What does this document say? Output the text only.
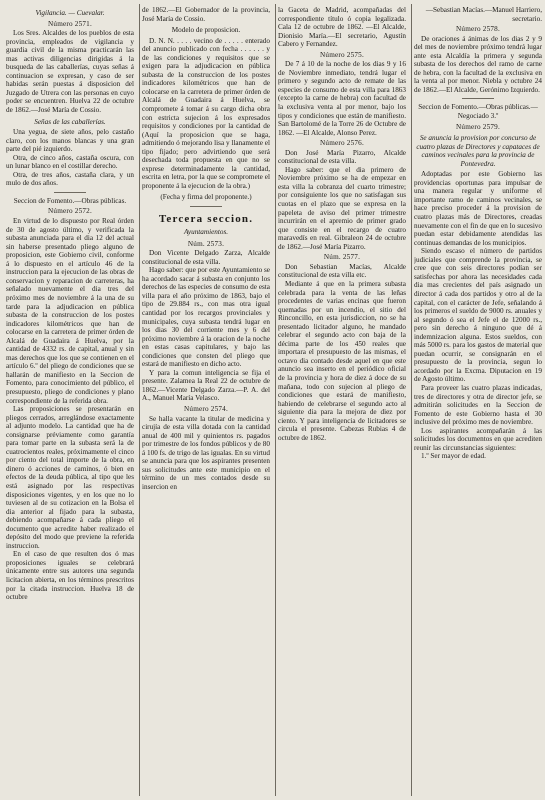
Vigilancia. — Cuevalar.
Número 2571.

Los Sres. Alcaldes de los pueblos de esta provincia, empleados de vigilancia y guardia civil de la misma practicarán las mas activas diligencias dirigidas á la busqueda de las caballerías, cuyas señas á continuacion se expresan, y caso de ser habidas serán puestas á disposicion del Juzgado de Utrera con las personas en cuyo poder se encuentren. Huelva 22 de octubre de 1862.—José María de Cossio.

Señas de las caballerías.

Una yegua, de siete años, pelo castaño claro, con los manos blancas y una gran parte del pié izquierdo.

Otra, de cinco años, castaña oscura, con un lunar blanco en el costillar derecho.

Otra, de tres años, castaña clara, y un mulo de dos años.

Seccion de Fomento.—Obras públicas.
Número 2572.

En virtud de lo dispuesto por Real órden de 30 de agosto último, y verificada la subasta anunciada para el dia 12 del actual sin haberse presentado pliego alguno de proposicion, este Gobierno civil, conforme á lo dispuesto en el artículo 46 de la instruccion para la ejecucion de las obras de conservacion y reparacion de carreteras, ha señalado nuevamente el dia tres del próximo mes de noviembre á la una de su tarde para la adjudicacion en pública subasta de la construccion de los postes indicadores kilométricos que han de colocarse en la carretera de primer órden de Alcalá de Guadaira á Huelva, por la cantidad de 4332 rs. de capital, anual y sin mas derechos que los que se contienen en el artículo 6.º del pliego de condiciones que se hallarán de manifiesto en la Seccion de Fomento, para conocimiento del público, el presupuesto, pliego de condiciones y plano correspondiente de la referida obra.

Las proposiciones se presentarán en pliegos cerrados, arreglándose exactamente al adjunto modelo. La cantidad que ha de consignarse préviamente como garantía para tomar parte en la subasta será la de cuatrocientos reales, próximamente el cinco por ciento del total importe de la obra, en dinero ó acciones de caminos, ó bien en efectos de la deuda pública, al tipo que les está asignado por las respectivas disposiciones vigentes, y en los que no lo tuviesen al de su cotizacion en la Bolsa el dia anterior al fijado para la subasta, debiendo acompañarse á cada pliego el documento que acredite haber realizado el depósito del modo que previene la referida instruccion.

En el caso de que resulten dos ó mas proposiciones iguales se celebrará únicamente entre sus autores una segunda licitacion abierta, en los términos prescritos por la citada instruccion. Huelva 18 de octubre

de 1862.—El Gobernador de la provincia, José María de Cossio.

Modelo de proposicion.

D. N. N. . . . . vecino de . . . . . enterado del anuncio publicado con fecha . . . . . . y de las condiciones y requisitos que se exigen para la adjudicacion en pública subasta de la construccion de los postes indicadores kilométricos que han de colocarse en la carretera de primer órden de Alcalá de Guadaira á Huelva, se compromete á tomar á su cargo dicha obra con estricta sujecion á los expresados requisitos y condiciones por la cantidad de (Aquí la proposicion que se haga, admitiendo ó mejorando lisa y llanamente el tipo fijado; pero advirtiendo que será desechada toda propuesta en que no se exprese determinadamente la cantidad, escrita en letra, por la que se compromete el proponente á la ejecucion de la obra.)

(Fecha y firma del proponente.)
Tercera seccion.
Ayuntamientos.
Núm. 2573.

Don Vicente Delgado Zarza, Alcalde constitucional de esta villa.

Hago saber: que por este Ayuntamiento se ha acordado sacar á subasta en conjunto los derechos de las especies de consumo de esta villa para el año próximo de 1863, bajo el tipo de 29.884 rs., con mas otra igual cantidad por los recargos provinciales y municipales, cuya subasta tendrá lugar en los dias 30 del corriente mes y 6 del próximo noviembre á la oracion de la noche en estas casas capitulares, y bajo las condiciones que consten del pliego que estará de manifiesto en dicho acto.

Y para la comun inteligencia se fija el presente. Zalamea la Real 22 de octubre de 1862.—Vicente Delgado Zarza.—P. A. del A., Manuel María Velasco.

Número 2574.

Se halla vacante la titular de medicina y cirujía de esta villa dotada con la cantidad anual de 400 mil y quinientos rs. pagados por trimestre de los fondos públicos y de 80 á 100 fs. de trigo de las igualas. En su virtud se anuncia para que los aspirantes presenten sus solicitudes ante este municipio en el término de un mes contados desde su insercion en

la Gaceta de Madrid, acompañadas del correspondiente título ó copia legalizada. Cala 12 de octubre de 1862. —El Alcalde, Dionisio María.—El secretario, Agustín Cabero y Fernandez.

Número 2575.

De 7 á 10 de la noche de los dias 9 y 16 de Noviembre inmediato, tendrá lugar el primero y segundo acto de remate de las especies de consumo de esta villa para 1863 (excepto la carne de hebra) con facultad de la exclusiva venta al por menor, bajo los tipos y condiciones que están de manifiesto. San Bartolomé de la Torre 26 de Octubre de 1862. —El Alcalde, Alonso Perez.

Número 2576.

Don José María Pizarro, Alcalde constitucional de esta villa.

Hago saber: que el dia primero de Noviembre próximo se ha de empezar en esta villa la cobranza del cuarto trimestre; por consiguiente los que no satisfagan sus cuotas en el plazo que se expresa en la papeleta de aviso del primer trimestre incurrirán en el apremio de primer grado que consiste en el recargo de cuatro maravedís en real. Gibraleon 24 de octubre de 1862.—José María Pizarro.

Núm. 2577.

Don Sebastian Macías, Alcalde constitucional de esta villa etc.

Mediante á que en la primera subasta celebrada para la venta de las leñas procedentes de varias encinas que fueron quemadas por un incendio, el sitio del Rinconcillo, en esta jurisdiccion, no se ha presentado licitador alguno, he mandado celebrar el segundo acto con baja de la décima parte de los 450 reales que importara el presupuesto de las mismas, el octavo dia contado desde aquel en que este anuncio sea inserto en el periódico oficial de la provincia y hora de diez á doce de su mañana, todo con sujecion al pliego de condiciones que estará de manifiesto, habiendo de celebrarse el segundo acto al siguiente dia para la mejora de diez por ciento. Y para inteligencia de licitadores se circula el presente. Cabezas Rubias 4 de octubre de 1862.

—Sebastian Macías.—Manuel Harriero, secretario.

Número 2578.

De oraciones á ánimas de los dias 2 y 9 del mes de noviembre próximo tendrá lugar ante esta Alcaldía la primera y segunda subasta de los derechos del ramo de carne de hebra, con la facultad de la exclusiva en la venta al por menor. Niebla y octubre 24 de 1862.—El Alcalde, Gerónimo Izquierdo.

Seccion de Fomento.—Obras públicas.—Negociado 3.º
Número 2579.
Se anuncia la provision por concurso de cuatro plazas de Directores y capataces de caminos vecinales para la provincia de Pontevedra.

Adoptadas por este Gobierno las providencias oportunas para impulsar de una manera regular y uniforme el importante ramo de caminos vecinales, se hace preciso proceder á la provision de cuatro plazas más de Directores, creadas nuevamente con el fin de que en lo sucesivo puedan estar debidamente atendidas las continuas demandas de los municipios.

Siendo escaso el número de partidos judiciales que comprende la provincia, se cree que con seis directores podían ser satisfechas por ahora las necesidades cada dia mas crecientes del país asignado un director á cada dos partidos y otro al de la capital, con el carácter de Jefe, señalando á los primeros el sueldo de 9000 rs. anuales y al segundo ó sea el Jefe el de 12000 rs., pero sin derecho á ninguno que dé á indemnizacion alguna. Estos sueldos, con más 5000 rs. para los gastos de material que puedan ocurrir, se consignarán en el presupuesto de la provincia, segun lo acordado por la Excma. Diputacion en 19 de Agosto último.

Para proveer las cuatro plazas indicadas, tres de directores y otra de director jefe, se admitirán solicitudes en la Seccion de Fomento de este Gobierno hasta el 30 inclusive del próximo mes de noviembre.

Los aspirantes acompañarán á las solicitudes los documentos en que acrediten reunir las circunstancias siguientes:

1.º Ser mayor de edad.
